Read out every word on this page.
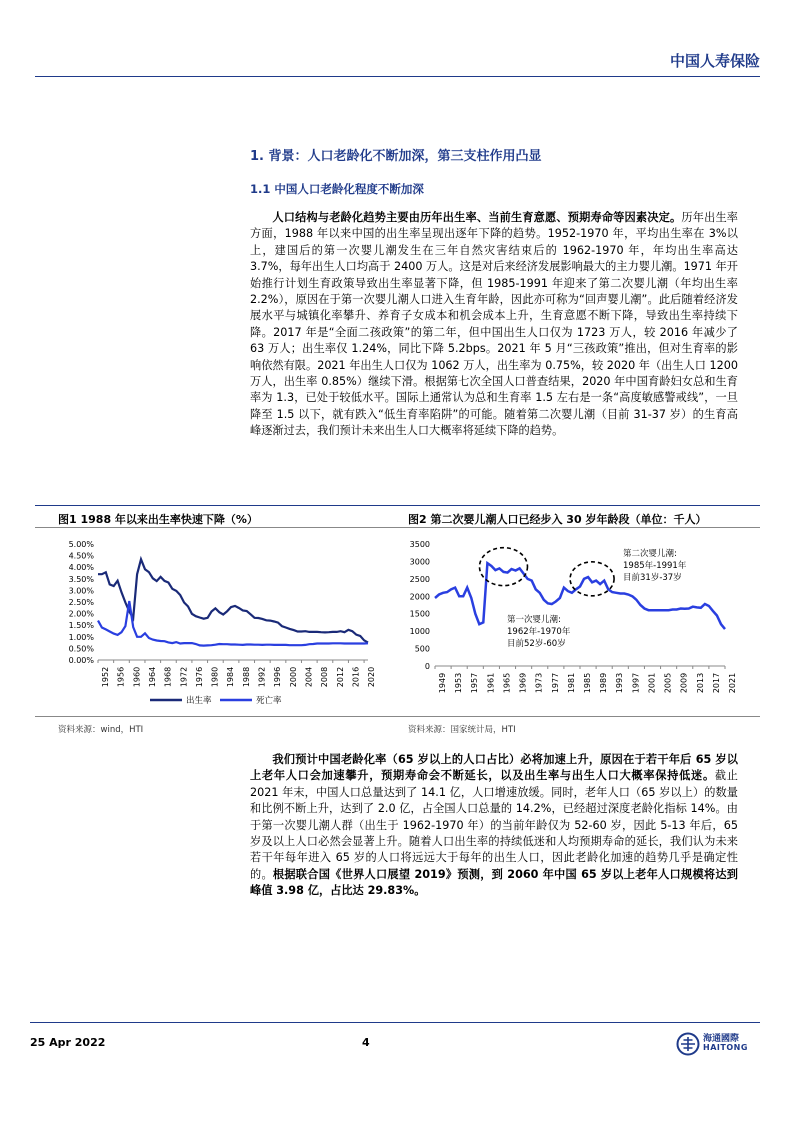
中国人寿保险
1. 背景：人口老龄化不断加深，第三支柱作用凸显
1.1 中国人口老龄化程度不断加深
人口结构与老龄化趋势主要由历年出生率、当前生育意愿、预期寿命等因素决定。历年出生率方面，1988 年以来中国的出生率呈现出逐年下降的趋势。1952-1970 年，平均出生率在 3%以上，建国后的第一次婴儿潮发生在三年自然灾害结束后的 1962-1970 年，年均出生率高达 3.7%，每年出生人口均高于 2400 万人。这是对后来经济发展影响最大的主力婴儿潮。1971 年开始推行计划生育政策导致出生率显著下降，但 1985-1991 年迎来了第二次婴儿潮（年均出生率 2.2%），原因在于第一次婴儿潮人口进入生育年龄，因此亦可称为“回声婴儿潮”。此后随着经济发展水平与城镇化率攀升、养育子女成本和机会成本上升，生育意愿不断下降，导致出生率持续下降。2017 年是“全面二孩政策”的第二年，但中国出生人口仅为 1723 万人，较 2016 年减少了 63 万人；出生率仅 1.24%，同比下降 5.2bps。2021 年 5 月“三孩政策”推出，但对生育率的影响依然有限。2021 年出生人口仅为 1062 万人，出生率为 0.75%，较 2020 年（出生人口 1200 万人，出生率 0.85%）继续下滑。根据第七次全国人口普查结果，2020 年中国育龄妇女总和生育率为 1.3，已处于较低水平。国际上通常认为总和生育率 1.5 左右是一条“高度敏感警戒线”，一旦降至 1.5 以下，就有跌入“低生育率陷阱”的可能。随着第二次婴儿潮（目前 31-37 岁）的生育高峰逐渐过去，我们预计未来出生人口大概率将延续下降的趋势。
图1 1988 年以来出生率快速下降（%）	图2 第二次婴儿潮人口已经步入 30 岁年龄段（单位：千人）
0.00%
0.50%
1.00%
1.50%
2.00%
2.50%
3.00%
3.50%
4.00%
4.50%
5.00%
1952 1956 1960 1964 1968 1972 1976 1980 1984 1988 1992 1996 2000 2004 2008 2012 2016 2020
出生率	死亡率
0
500
1000
1500
2000
2500
3000
3500
1949 1953 1957 1961 1965 1969 1973 1977 1981 1985 1989 1993 1997 2001 2005 2009 2013 2017 2021
第二次婴儿潮:
1985年-1991年
目前31岁-37岁
第一次婴儿潮:
1962年-1970年
目前52岁-60岁
资料来源：wind，HTI	资料来源：国家统计局，HTI
我们预计中国老龄化率（65 岁以上的人口占比）必将加速上升，原因在于若干年后 65 岁以上老年人口会加速攀升，预期寿命会不断延长，以及出生率与出生人口大概率保持低迷。截止 2021 年末，中国人口总量达到了 14.1 亿，人口增速放缓。同时，老年人口（65 岁以上）的数量和比例不断上升，达到了 2.0 亿，占全国人口总量的 14.2%，已经超过深度老龄化指标 14%。由于第一次婴儿潮人群（出生于 1962-1970 年）的当前年龄仅为 52-60 岁，因此 5-13 年后，65 岁及以上人口必然会显著上升。随着人口出生率的持续低迷和人均预期寿命的延长，我们认为未来若干年每年进入 65 岁的人口将远远大于每年的出生人口，因此老龄化加速的趋势几乎是确定性的。根据联合国《世界人口展望 2019》预测，到 2060 年中国 65 岁以上老年人口规模将达到峰值 3.98 亿，占比达 29.83%。
25 Apr 2022	4	海通國際
HAITONG
